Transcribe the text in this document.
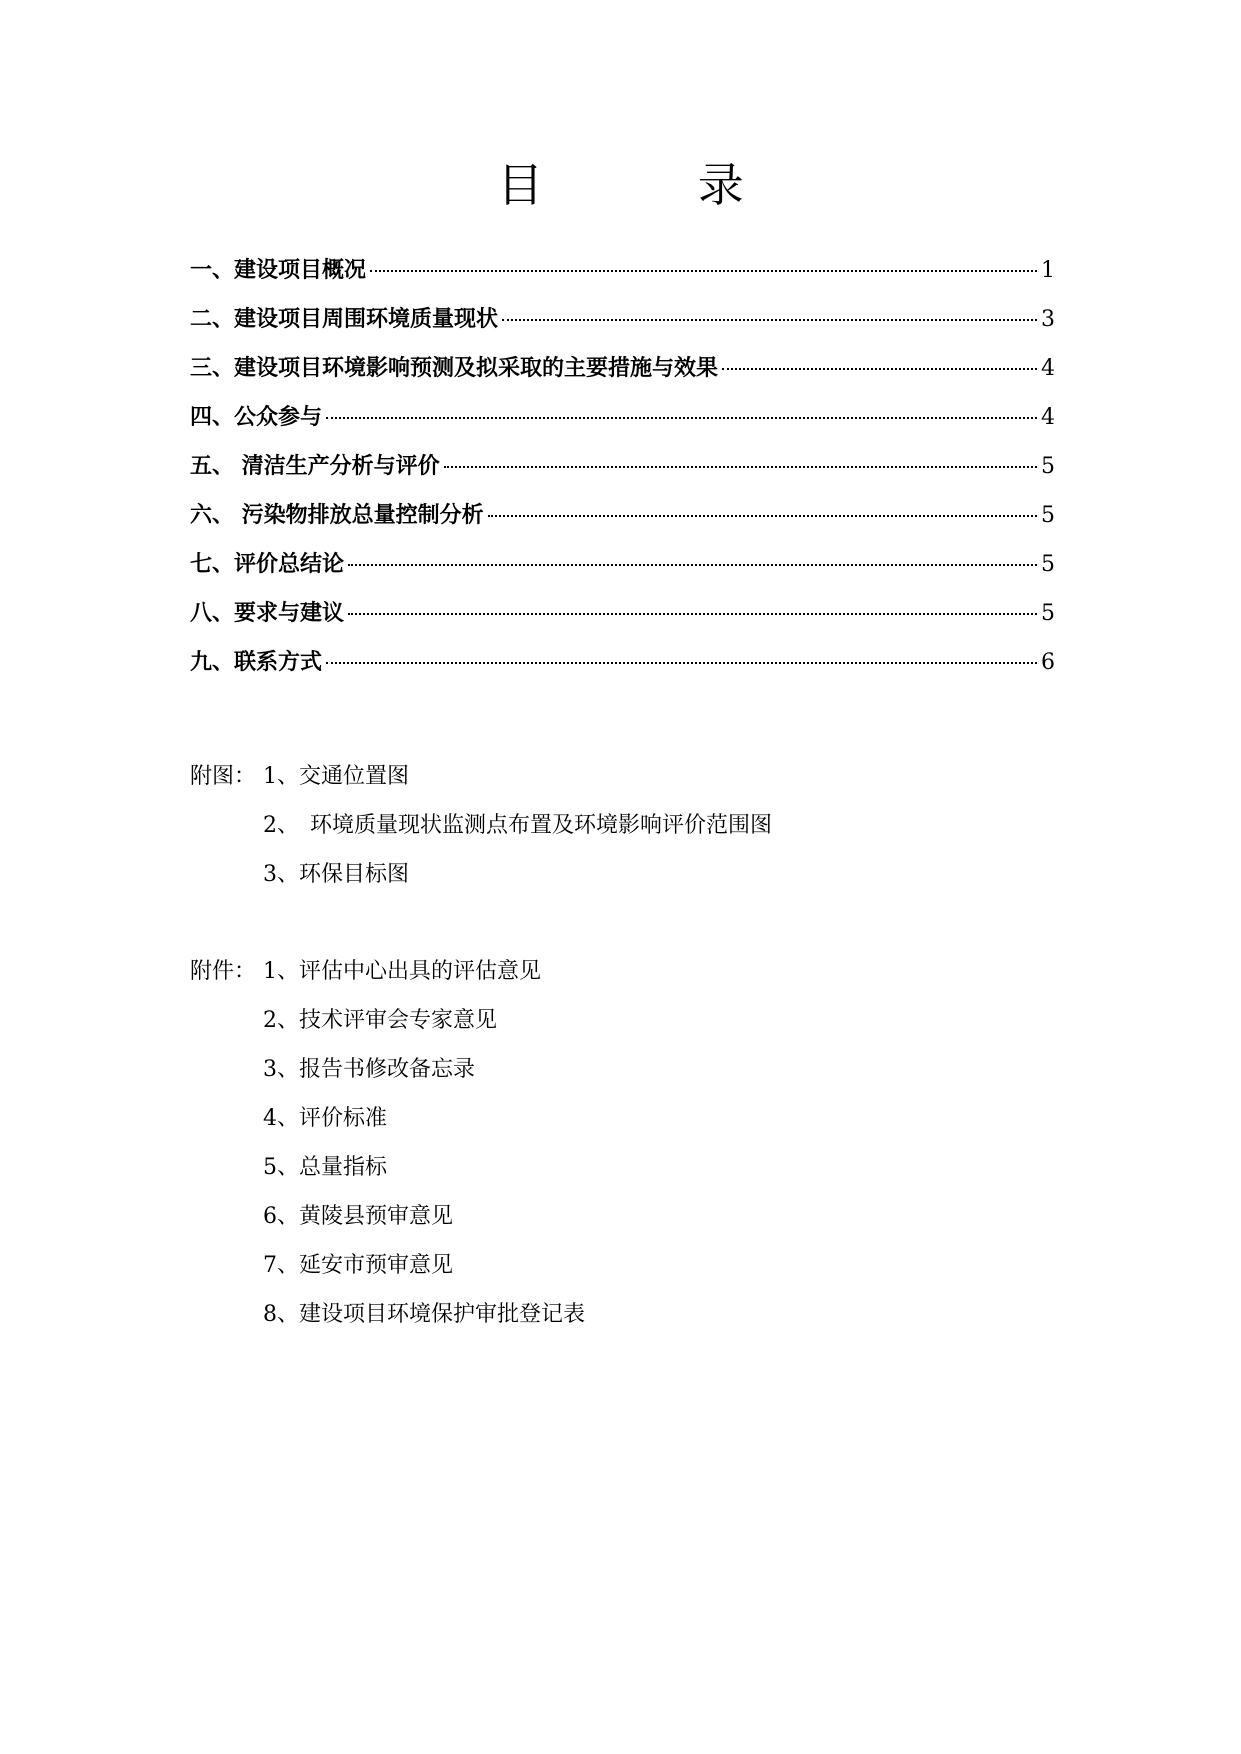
目 录
一、建设项目概况	1
二、建设项目周围环境质量现状	3
三、建设项目环境影响预测及拟采取的主要措施与效果	4
四、公众参与	4
五、 清洁生产分析与评价	5
六、 污染物排放总量控制分析	5
七、评价总结论	5
八、要求与建议	5
九、联系方式	6
附图： 1、交通位置图
2、　环境质量现状监测点布置及环境影响评价范围图
3、环保目标图
附件： 1、评估中心出具的评估意见
2、技术评审会专家意见
3、报告书修改备忘录
4、评价标准
5、总量指标
6、黄陵县预审意见
7、延安市预审意见
8、建设项目环境保护审批登记表
